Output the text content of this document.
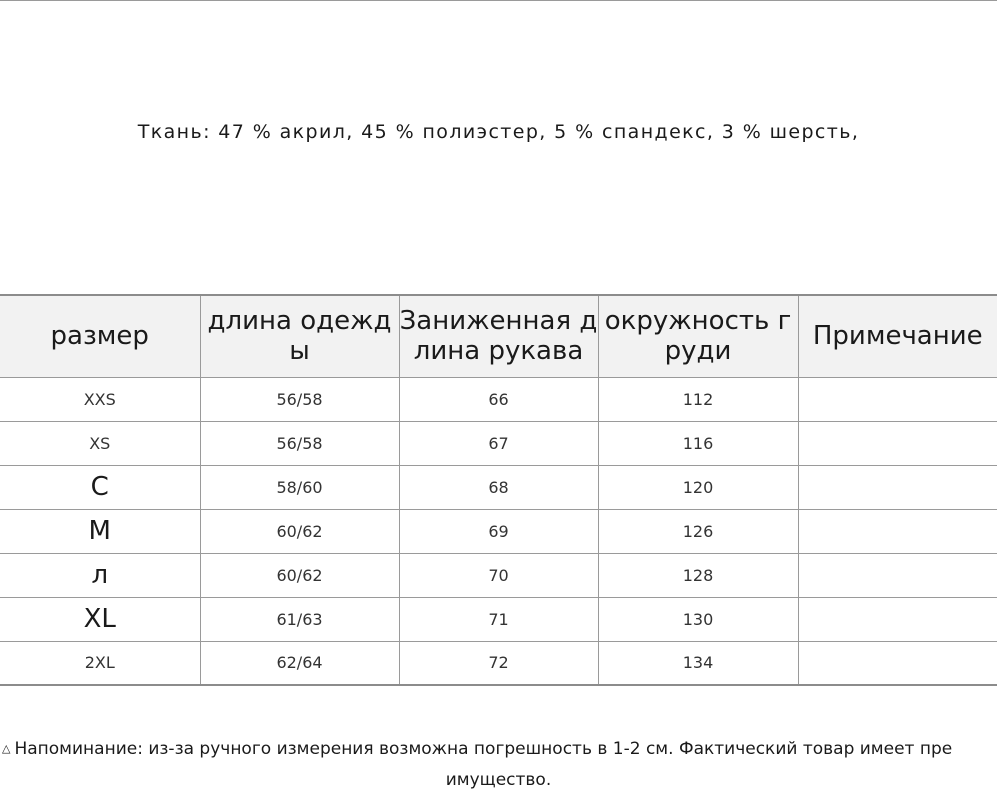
Ткань: 47 % акрил, 45 % полиэстер, 5 % спандекс, 3 % шерсть,
размер	длина одежды	Заниженная длина рукава	окружность груди	Примечание
XXS	56/58	66	112	
XS	56/58	67	116	
C	58/60	68	120	
M	60/62	69	126	
л	60/62	70	128	
XL	61/63	71	130	
2XL	62/64	72	134	
△ Напоминание: из-за ручного измерения возможна погрешность в 1-2 см. Фактический товар имеет пре
имущество.
